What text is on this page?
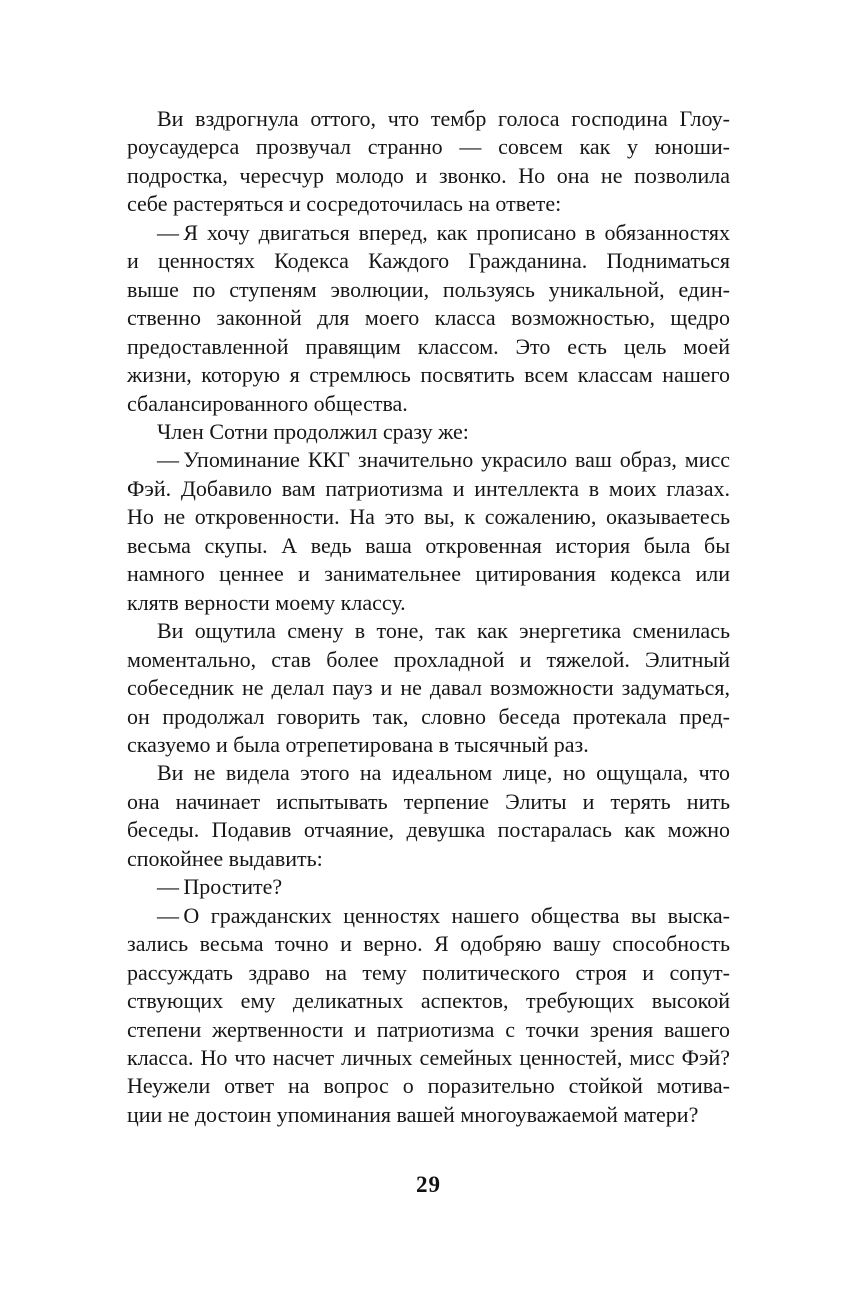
Ви вздрогнула оттого, что тембр голоса господина Глоу-
роусаудерса прозвучал странно — совсем как у юноши-
подростка, чересчур молодо и звонко. Но она не позволила
себе растеряться и сосредоточилась на ответе:
— Я хочу двигаться вперед, как прописано в обязанностях
и ценностях Кодекса Каждого Гражданина. Подниматься
выше по ступеням эволюции, пользуясь уникальной, един-
ственно законной для моего класса возможностью, щедро
предоставленной правящим классом. Это есть цель моей
жизни, которую я стремлюсь посвятить всем классам нашего
сбалансированного общества.
Член Сотни продолжил сразу же:
— Упоминание ККГ значительно украсило ваш образ, мисс
Фэй. Добавило вам патриотизма и интеллекта в моих глазах.
Но не откровенности. На это вы, к сожалению, оказываетесь
весьма скупы. А ведь ваша откровенная история была бы
намного ценнее и занимательнее цитирования кодекса или
клятв верности моему классу.
Ви ощутила смену в тоне, так как энергетика сменилась
моментально, став более прохладной и тяжелой. Элитный
собеседник не делал пауз и не давал возможности задуматься,
он продолжал говорить так, словно беседа протекала пред-
сказуемо и была отрепетирована в тысячный раз.
Ви не видела этого на идеальном лице, но ощущала, что
она начинает испытывать терпение Элиты и терять нить
беседы. Подавив отчаяние, девушка постаралась как можно
спокойнее выдавить:
— Простите?
— О гражданских ценностях нашего общества вы выска-
зались весьма точно и верно. Я одобряю вашу способность
рассуждать здраво на тему политического строя и сопут-
ствующих ему деликатных аспектов, требующих высокой
степени жертвенности и патриотизма с точки зрения вашего
класса. Но что насчет личных семейных ценностей, мисс Фэй?
Неужели ответ на вопрос о поразительно стойкой мотива-
ции не достоин упоминания вашей многоуважаемой матери?
29
